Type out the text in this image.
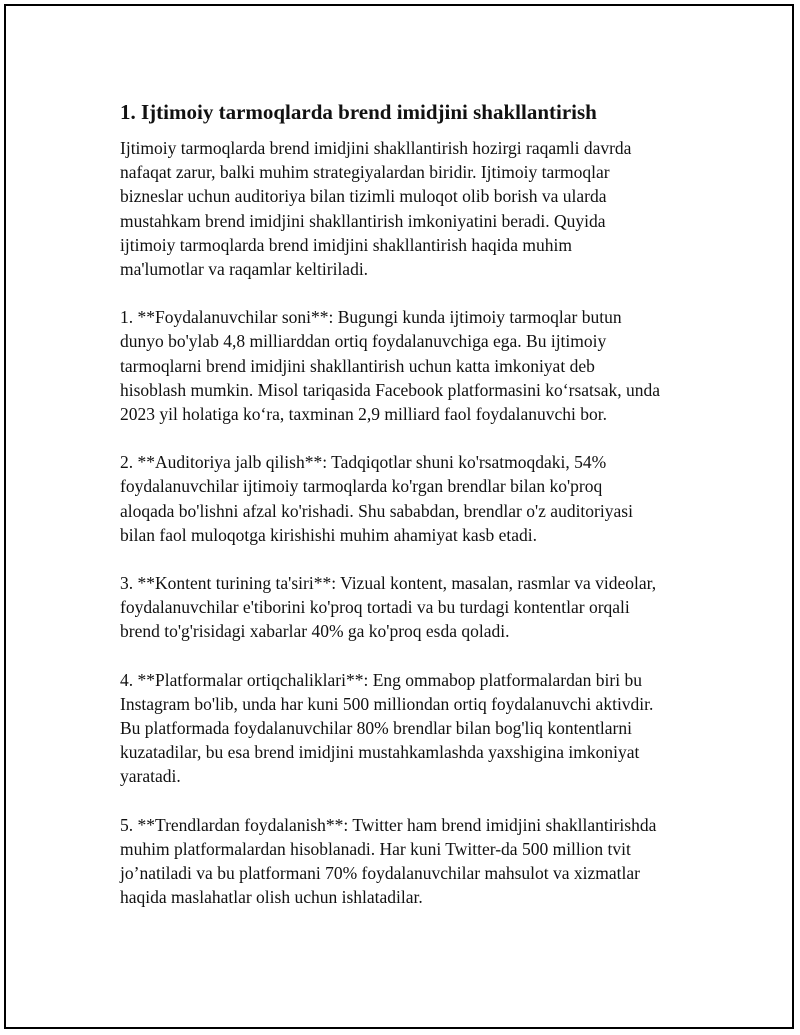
1. Ijtimoiy tarmoqlarda brend imidjini shakllantirish
Ijtimoiy tarmoqlarda brend imidjini shakllantirish hozirgi raqamli davrda
nafaqat zarur, balki muhim strategiyalardan biridir. Ijtimoiy tarmoqlar
bizneslar uchun auditoriya bilan tizimli muloqot olib borish va ularda
mustahkam brend imidjini shakllantirish imkoniyatini beradi. Quyida
ijtimoiy tarmoqlarda brend imidjini shakllantirish haqida muhim
ma'lumotlar va raqamlar keltiriladi.
1. **Foydalanuvchilar soni**: Bugungi kunda ijtimoiy tarmoqlar butun
dunyo bo'ylab 4,8 milliarddan ortiq foydalanuvchiga ega. Bu ijtimoiy
tarmoqlarni brend imidjini shakllantirish uchun katta imkoniyat deb
hisoblash mumkin. Misol tariqasida Facebook platformasini koʻrsatsak, unda
2023 yil holatiga koʻra, taxminan 2,9 milliard faol foydalanuvchi bor.
2. **Auditoriya jalb qilish**: Tadqiqotlar shuni ko'rsatmoqdaki, 54%
foydalanuvchilar ijtimoiy tarmoqlarda ko'rgan brendlar bilan ko'proq
aloqada bo'lishni afzal ko'rishadi. Shu sababdan, brendlar o'z auditoriyasi
bilan faol muloqotga kirishishi muhim ahamiyat kasb etadi.
3. **Kontent turining ta'siri**: Vizual kontent, masalan, rasmlar va videolar,
foydalanuvchilar e'tiborini ko'proq tortadi va bu turdagi kontentlar orqali
brend to'g'risidagi xabarlar 40% ga ko'proq esda qoladi.
4. **Platformalar ortiqchaliklari**: Eng ommabop platformalardan biri bu
Instagram bo'lib, unda har kuni 500 milliondan ortiq foydalanuvchi aktivdir.
Bu platformada foydalanuvchilar 80% brendlar bilan bog'liq kontentlarni
kuzatadilar, bu esa brend imidjini mustahkamlashda yaxshigina imkoniyat
yaratadi.
5. **Trendlardan foydalanish**: Twitter ham brend imidjini shakllantirishda
muhim platformalardan hisoblanadi. Har kuni Twitter-da 500 million tvit
jo’natiladi va bu platformani 70% foydalanuvchilar mahsulot va xizmatlar
haqida maslahatlar olish uchun ishlatadilar.
